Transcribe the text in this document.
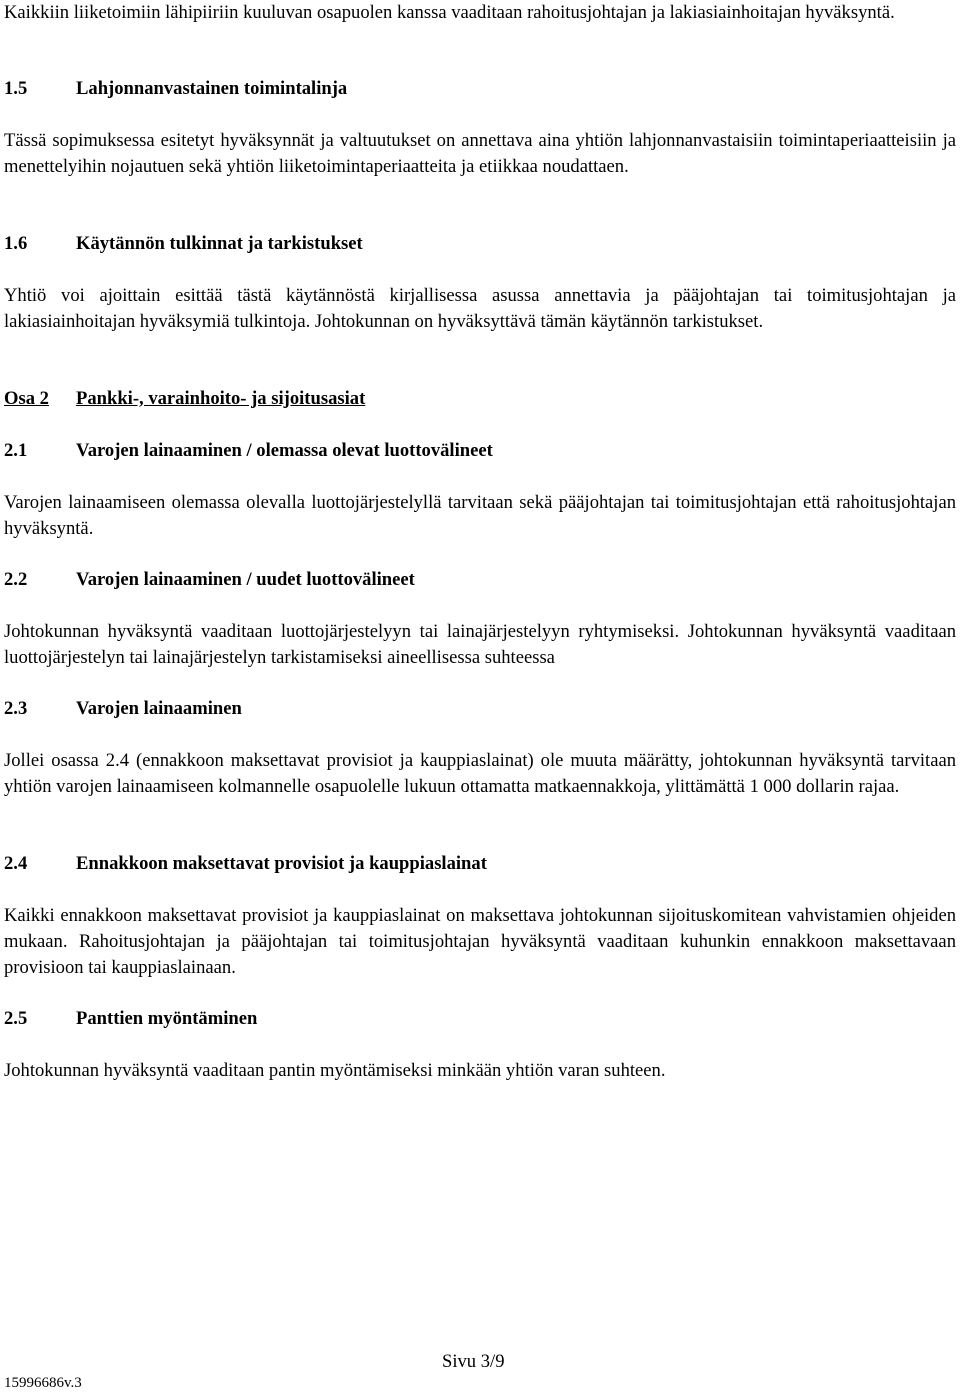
Kaikkiin liiketoimiin lähipiiriin kuuluvan osapuolen kanssa vaaditaan rahoitusjohtajan ja lakiasiainhoitajan hyväksyntä.

1.5	Lahjonnanvastainen toimintalinja

Tässä sopimuksessa esitetyt hyväksynnät ja valtuutukset on annettava aina yhtiön lahjonnanvastaisiin toimintaperiaatteisiin ja menettelyihin nojautuen sekä yhtiön liiketoimintaperiaatteita ja etiikkaa noudattaen.

1.6	Käytännön tulkinnat ja tarkistukset

Yhtiö voi ajoittain esittää tästä käytännöstä kirjallisessa asussa annettavia ja pääjohtajan tai toimitusjohtajan ja lakiasiainhoitajan hyväksymiä tulkintoja. Johtokunnan on hyväksyttävä tämän käytännön tarkistukset.

Osa 2 Pankki-, varainhoito- ja sijoitusasiat
2.1	Varojen lainaaminen / olemassa olevat luottovälineet

Varojen lainaamiseen olemassa olevalla luottojärjestelyllä tarvitaan sekä pääjohtajan tai toimitusjohtajan että rahoitusjohtajan hyväksyntä.

2.2	Varojen lainaaminen / uudet luottovälineet

Johtokunnan hyväksyntä vaaditaan luottojärjestelyyn tai lainajärjestelyyn ryhtymiseksi. Johtokunnan hyväksyntä vaaditaan luottojärjestelyn tai lainajärjestelyn tarkistamiseksi aineellisessa suhteessa

2.3	Varojen lainaaminen

Jollei osassa 2.4 (ennakkoon maksettavat provisiot ja kauppiaslainat) ole muuta määrätty, johtokunnan hyväksyntä tarvitaan yhtiön varojen lainaamiseen kolmannelle osapuolelle lukuun ottamatta matkaennakkoja, ylittämättä 1 000 dollarin rajaa.

2.4	Ennakkoon maksettavat provisiot ja kauppiaslainat

Kaikki ennakkoon maksettavat provisiot ja kauppiaslainat on maksettava johtokunnan sijoituskomitean vahvistamien ohjeiden mukaan. Rahoitusjohtajan ja pääjohtajan tai toimitusjohtajan hyväksyntä vaaditaan kuhunkin ennakkoon maksettavaan provisioon tai kauppiaslainaan.

2.5	Panttien myöntäminen

Johtokunnan hyväksyntä vaaditaan pantin myöntämiseksi minkään yhtiön varan suhteen.

Sivu 3/9
15996686v.3
